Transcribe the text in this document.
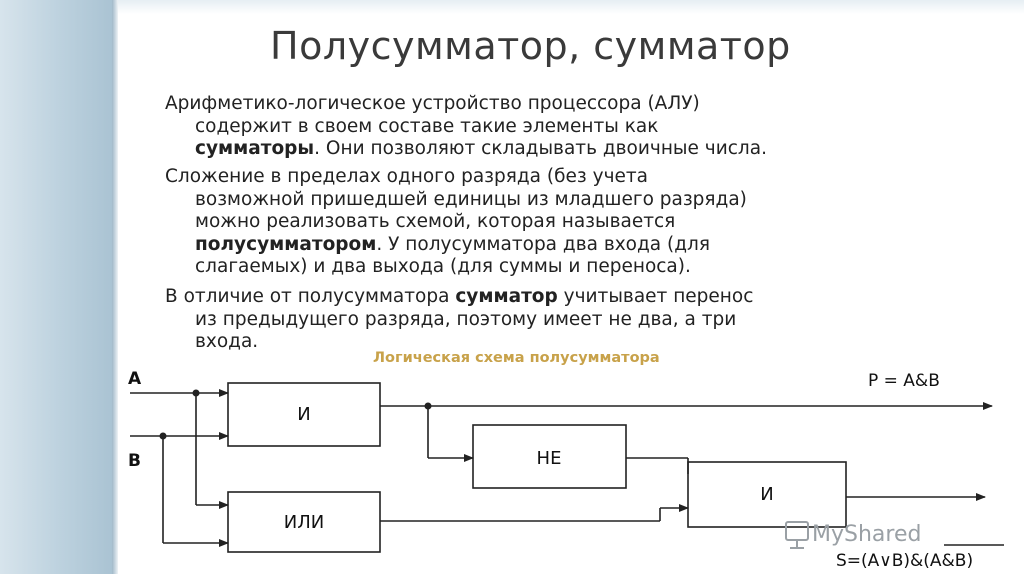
Полусумматор, сумматор
Арифметико-логическое устройство процессора (АЛУ)
содержит в своем составе такие элементы как
сумматоры. Они позволяют складывать двоичные числа.
Сложение в пределах одного разряда (без учета
возможной пришедшей единицы из младшего разряда)
можно реализовать схемой, которая называется
полусумматором. У полусумматора два входа (для
слагаемых) и два выхода (для суммы и переноса).
В отличие от полусумматора сумматор учитывает перенос
из предыдущего разряда, поэтому имеет не два, а три
входа.
Логическая схема полусумматора
A
B
И
ИЛИ
НЕ
И
P = A&B
S=(A∨B)&(A&B)
MyShared
